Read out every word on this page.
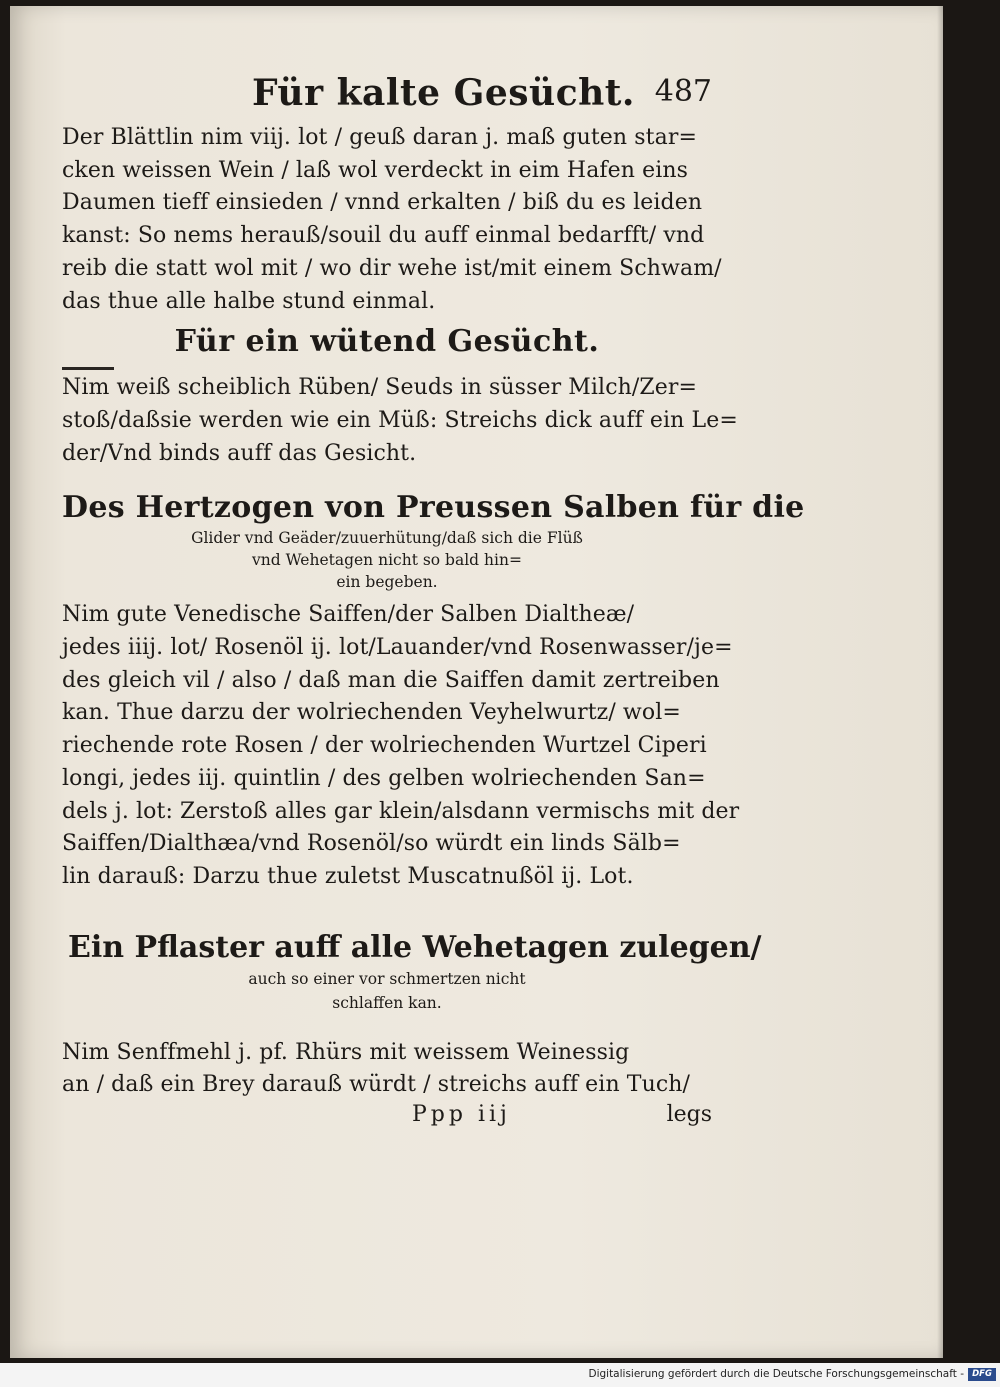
Für kalte Gesücht. 487

Der Blättlin nim viij. lot / geuß daran j. maß guten star=
cken weissen Wein / laß wol verdeckt in eim Hafen eins
Daumen tieff einsieden / vnnd erkalten / biß du es leiden
kanst: So nems herauß/souil du auff einmal bedarfft/ vnd
reib die statt wol mit / wo dir wehe ist/mit einem Schwam/
das thue alle halbe stund einmal.

Für ein wütend Gesücht.

Nim weiß scheiblich Rüben/ Seuds in süsser Milch/Zer=
stoß/daßsie werden wie ein Müß: Streichs dick auff ein Le=
der/Vnd binds auff das Gesicht.

Des Hertzogen von Preussen Salben für die

Glider vnd Geäder/zuuerhütung/daß sich die Flüß
vnd Wehetagen nicht so bald hin=
ein begeben.

Nim gute Venedische Saiffen/der Salben Dialtheæ/
jedes iiij. lot/ Rosenöl ij. lot/Lauander/vnd Rosenwasser/je=
des gleich vil / also / daß man die Saiffen damit zertreiben
kan. Thue darzu der wolriechenden Veyhelwurtz/ wol=
riechende rote Rosen / der wolriechenden Wurtzel Ciperi
longi, jedes iij. quintlin / des gelben wolriechenden San=
dels j. lot: Zerstoß alles gar klein/alsdann vermischs mit der
Saiffen/Dialthæa/vnd Rosenöl/so würdt ein linds Sälb=
lin darauß: Darzu thue zuletst Muscatnußöl ij. Lot.

Ein Pflaster auff alle Wehetagen zulegen/

auch so einer vor schmertzen nicht
schlaffen kan.

Nim Senffmehl j. pf. Rhürs mit weissem Weinessig
an / daß ein Brey darauß würdt / streichs auff ein Tuch/

Ppp iij	legs
Digitalisierung gefördert durch die Deutsche Forschungsgemeinschaft - DFG
